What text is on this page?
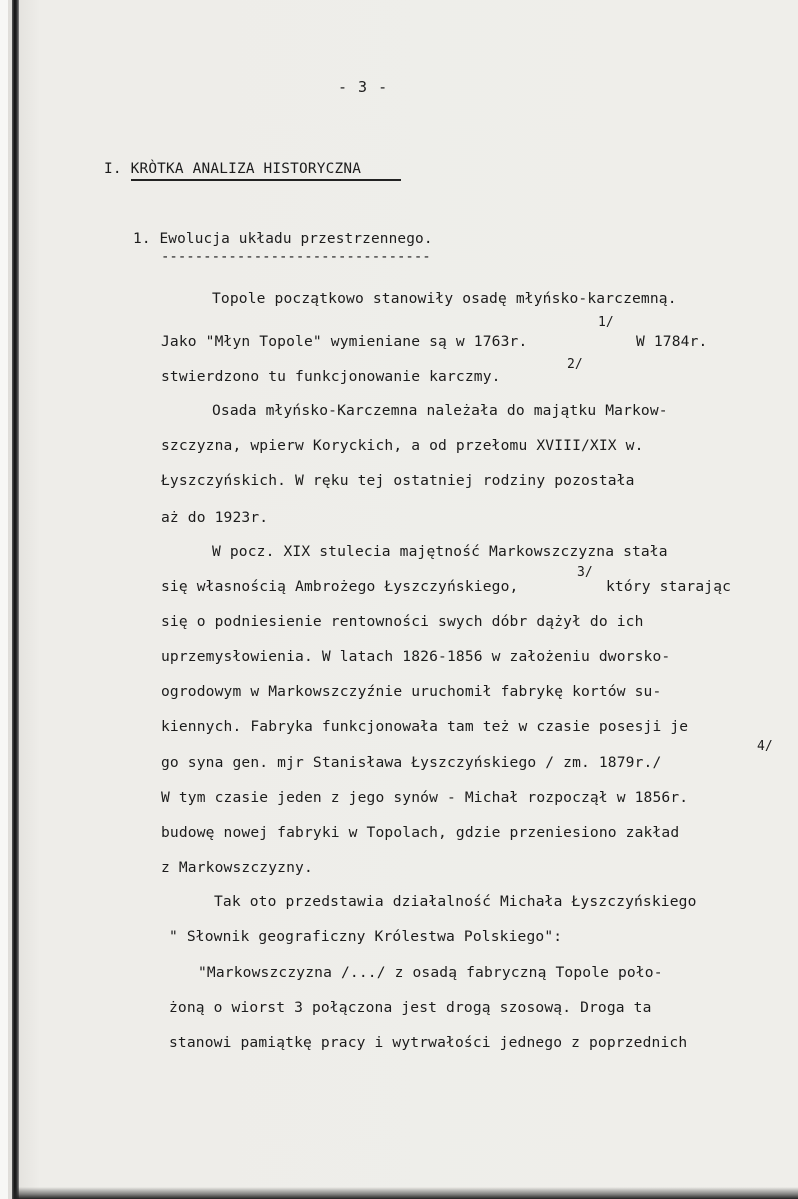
- 3 -
I. KRÒTKA ANALIZA HISTORYCZNA
1. Ewolucja układu przestrzennego.
--------------------------------
Topole początkowo stanowiły osadę młyńsko-karczemną.
Jako "Młyn Topole" wymieniane są w 1763r.
1/
W 1784r.
stwierdzono tu funkcjonowanie karczmy.
2/
Osada młyńsko-Karczemna należała do majątku Markow-
szczyzna, wpierw Koryckich, a od przełomu XVIII/XIX w.
Łyszczyńskich. W ręku tej ostatniej rodziny pozostała
aż do 1923r.
W pocz. XIX stulecia majętność Markowszczyzna stała
się własnością Ambrożego Łyszczyńskiego,
3/
który starając
się o podniesienie rentowności swych dóbr dążył do ich
uprzemysłowienia. W latach 1826-1856 w założeniu dworsko-
ogrodowym w Markowszczyźnie uruchomił fabrykę kortów su-
kiennych. Fabryka funkcjonowała tam też w czasie posesji je
go syna gen. mjr Stanisława Łyszczyńskiego / zm. 1879r./
4/
W tym czasie jeden z jego synów - Michał rozpoczął w 1856r.
budowę nowej fabryki w Topolach, gdzie przeniesiono zakład
z Markowszczyzny.
Tak oto przedstawia działalność Michała Łyszczyńskiego
" Słownik geograficzny Królestwa Polskiego":
"Markowszczyzna /.../ z osadą fabryczną Topole poło-
żoną o wiorst 3 połączona jest drogą szosową. Droga ta
stanowi pamiątkę pracy i wytrwałości jednego z poprzednich
